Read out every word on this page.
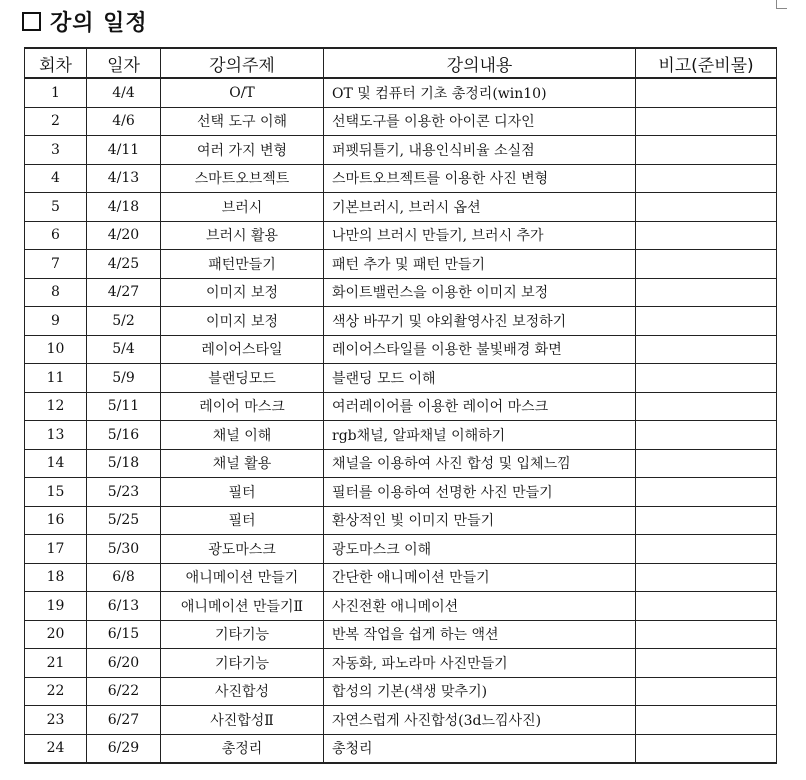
강의 일정
회차	일자	강의주제	강의내용	비고(준비물)
1	4/4	O/T	OT 및 컴퓨터 기초 총정리(win10)	
2	4/6	선택 도구 이해	선택도구를 이용한 아이콘 디자인	
3	4/11	여러 가지 변형	퍼펫뒤틀기, 내용인식비율 소실점	
4	4/13	스마트오브젝트	스마트오브젝트를 이용한 사진 변형	
5	4/18	브러시	기본브러시, 브러시 옵션	
6	4/20	브러시 활용	나만의 브러시 만들기, 브러시 추가	
7	4/25	패턴만들기	패턴 추가 및 패턴 만들기	
8	4/27	이미지 보정	화이트밸런스을 이용한 이미지 보정	
9	5/2	이미지 보정	색상 바꾸기 및 야외촬영사진 보정하기	
10	5/4	레이어스타일	레이어스타일를 이용한 불빛배경 화면	
11	5/9	블랜딩모드	블랜딩 모드 이해	
12	5/11	레이어 마스크	여러레이어를 이용한 레이어 마스크	
13	5/16	채널 이해	rgb채널, 알파채널 이해하기	
14	5/18	채널 활용	채널을 이용하여 사진 합성 및 입체느낌	
15	5/23	필터	필터를 이용하여 선명한 사진 만들기	
16	5/25	필터	환상적인 빛 이미지 만들기	
17	5/30	광도마스크	광도마스크 이해	
18	6/8	애니메이션 만들기	간단한 애니메이션 만들기	
19	6/13	애니메이션 만들기Ⅱ	사진전환 애니메이션	
20	6/15	기타기능	반복 작업을 쉽게 하는 액션	
21	6/20	기타기능	자동화, 파노라마 사진만들기	
22	6/22	사진합성	합성의 기본(색생 맞추기)	
23	6/27	사진합성Ⅱ	자연스럽게 사진합성(3d느낌사진)	
24	6/29	총정리	총청리	
